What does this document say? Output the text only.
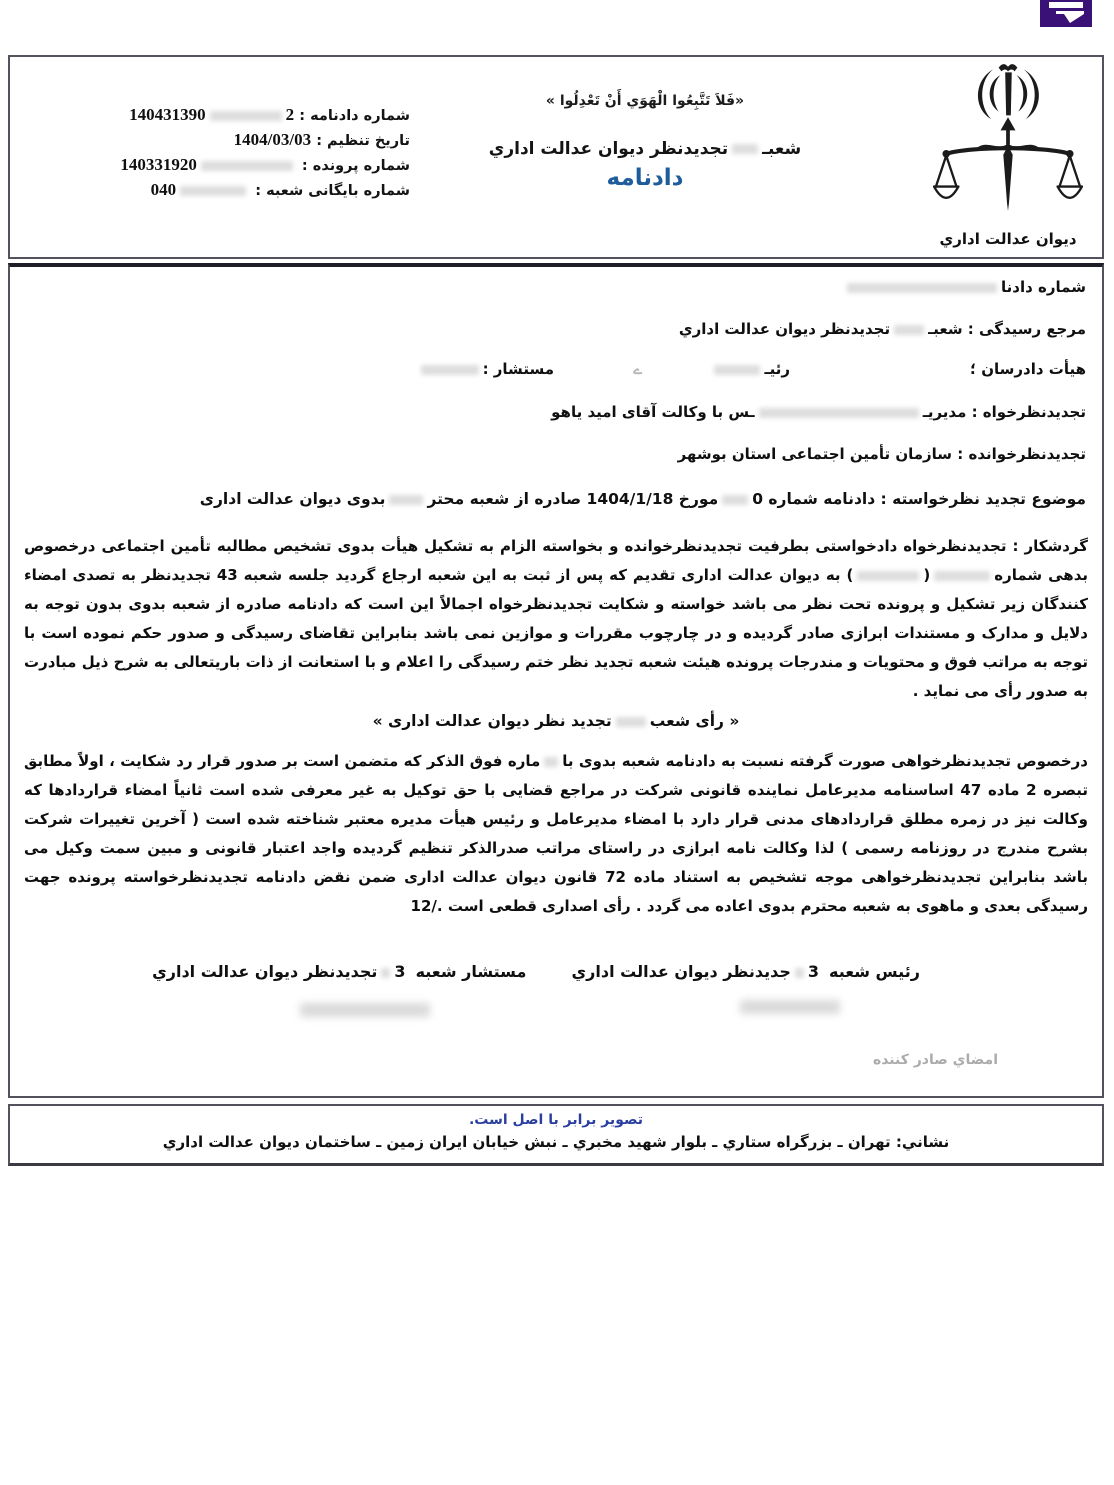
شماره دادنامه : 140431390	2
تاریخ تنظیم : 1404/03/03
شماره پرونده : 140331920
شماره بایگانی شعبه : 040
«فَلاَ تَتَّبِعُوا الْهَوَي أَنْ تَعْدِلُوا »
شعبـتجدیدنظر دیوان عدالت اداري
دادنامه
دیوان عدالت اداري
شماره دادنا
مرجع رسیدگی : شعبـتجدیدنظر دیوان عدالت اداري
هیأت دادرسان ؛
رئیـ
ے
مستشار :
تجدیدنظرخواه : مدیریــس با وکالت آقای امید یاهو
تجدیدنظرخوانده : سازمان تأمین اجتماعی استان بوشهر
موضوع تجدید نظرخواسته : دادنامه شماره 0مورخ 1404/1/18 صادره از شعبه محتربدوی دیوان عدالت اداری
گردشکار : تجدیدنظرخواه دادخواستی بطرفیت تجدیدنظرخوانده و بخواسته الزام به تشکیل هیأت بدوی تشخیص مطالبه تأمین اجتماعی درخصوص بدهی شماره() به دیوان عدالت اداری تقدیم که پس از ثبت به این شعبه ارجاع گردید جلسه شعبه 43 تجدیدنظر به تصدی امضاء کنندگان زیر تشکیل و پرونده تحت نظر می باشد خواسته و شکایت تجدیدنظرخواه اجمالاً این است که دادنامه صادره از شعبه بدوی بدون توجه به دلایل و مدارک و مستندات ابرازی صادر گردیده و در چارچوب مقررات و موازین نمی باشد بنابراین تقاضای رسیدگی و صدور حکم نموده است با توجه به مراتب فوق و محتویات و مندرجات پرونده هیئت شعبه تجدید نظر ختم رسیدگی را اعلام و با استعانت از ذات باریتعالی به شرح ذیل مبادرت به صدور رأی می نماید .
« رأی شعبتجدید نظر دیوان عدالت اداری »
درخصوص تجدیدنظرخواهی صورت گرفته نسبت به دادنامه شعبه بدوی باماره فوق الذکر که متضمن است بر صدور قرار رد شکایت ، اولاً مطابق تبصره 2 ماده 47 اساسنامه مدیرعامل نماینده قانونی شرکت در مراجع قضایی با حق توکیل به غیر معرفی شده است ثانیاً امضاء قراردادها که وکالت نیز در زمره مطلق قراردادهای مدنی قرار دارد با امضاء مدیرعامل و رئیس هیأت مدیره معتبر شناخته شده است ( آخرین تغییرات شرکت بشرح مندرج در روزنامه رسمی ) لذا وکالت نامه ابرازی در راستای مراتب صدرالذکر تنظیم گردیده واجد اعتبار قانونی و مبین سمت وکیل می باشد بنابراین تجدیدنظرخواهی موجه تشخیص به استناد ماده 72 قانون دیوان عدالت اداری ضمن نقض دادنامه تجدیدنظرخواسته پرونده جهت رسیدگی بعدی و ماهوی به شعبه محترم بدوی اعاده می گردد . رأی اصداری قطعی است ./12
رئیس شعبه3جدیدنظر دیوان عدالت اداري  مستشار شعبه3تجدیدنظر دیوان عدالت اداري
امضاي صادر کننده
تصویر برابر با اصل است.
نشاني: تهران ـ بزرگراه ستاري ـ بلوار شهید مخبري ـ نبش خیابان ایران زمین ـ ساختمان دیوان عدالت اداري
